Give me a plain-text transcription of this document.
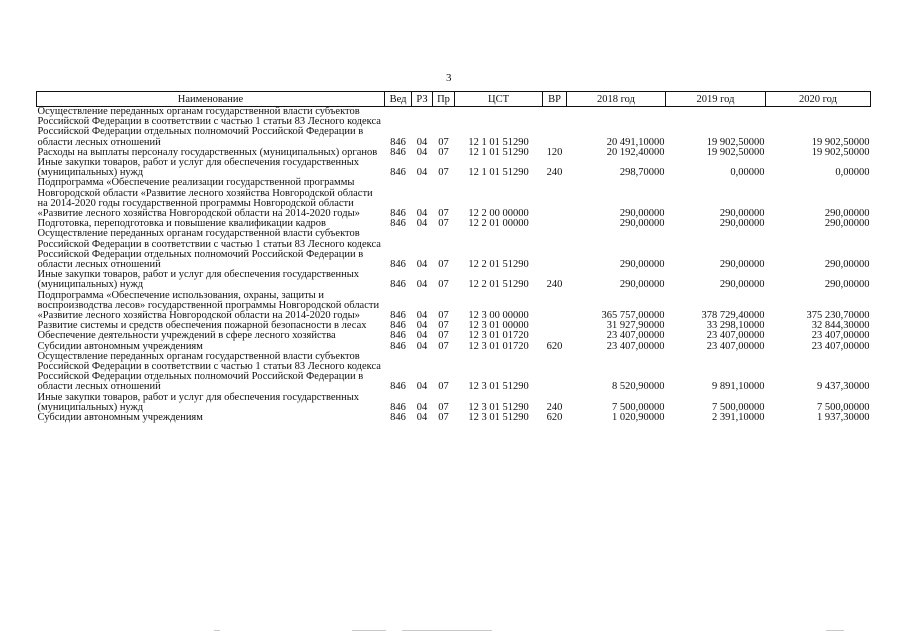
3
Наименование	Вед	РЗ	Пр	ЦСТ	ВР	2018 год	2019 год	2020 год
Осуществление переданных органам государственной власти субъектов Российской Федерации в соответствии с частью 1 статьи 83 Лесного кодекса Российской Федерации отдельных полномочий Российской Федерации в области лесных отношений	846	04	07	12 1 01 51290		20 491,10000	19 902,50000	19 902,50000
Расходы на выплаты персоналу государственных (муниципальных) органов	846	04	07	12 1 01 51290	120	20 192,40000	19 902,50000	19 902,50000
Иные закупки товаров, работ и услуг для обеспечения государственных (муниципальных) нужд	846	04	07	12 1 01 51290	240	298,70000	0,00000	0,00000
Подпрограмма «Обеспечение реализации государственной программы Новгородской области «Развитие лесного хозяйства Новгородской области на 2014-2020 годы государственной программы Новгородской области «Развитие лесного хозяйства Новгородской области на 2014-2020 годы»	846	04	07	12 2 00 00000		290,00000	290,00000	290,00000
Подготовка, переподготовка и повышение квалификации кадров	846	04	07	12 2 01 00000		290,00000	290,00000	290,00000
Осуществление переданных органам государственной власти субъектов Российской Федерации в соответствии с частью 1 статьи 83 Лесного кодекса Российской Федерации отдельных полномочий Российской Федерации в области лесных отношений	846	04	07	12 2 01 51290		290,00000	290,00000	290,00000
Иные закупки товаров, работ и услуг для обеспечения государственных (муниципальных) нужд	846	04	07	12 2 01 51290	240	290,00000	290,00000	290,00000
Подпрограмма «Обеспечение использования, охраны, защиты и воспроизводства лесов» государственной программы Новгородской области «Развитие лесного хозяйства Новгородской области на 2014-2020 годы»	846	04	07	12 3 00 00000		365 757,00000	378 729,40000	375 230,70000
Развитие системы и средств обеспечения пожарной безопасности в лесах	846	04	07	12 3 01 00000		31 927,90000	33 298,10000	32 844,30000
Обеспечение деятельности учреждений в сфере лесного хозяйства	846	04	07	12 3 01 01720		23 407,00000	23 407,00000	23 407,00000
Субсидии автономным учреждениям	846	04	07	12 3 01 01720	620	23 407,00000	23 407,00000	23 407,00000
Осуществление переданных органам государственной власти субъектов Российской Федерации в соответствии с частью 1 статьи 83 Лесного кодекса Российской Федерации отдельных полномочий Российской Федерации в области лесных отношений	846	04	07	12 3 01 51290		8 520,90000	9 891,10000	9 437,30000
Иные закупки товаров, работ и услуг для обеспечения государственных (муниципальных) нужд	846	04	07	12 3 01 51290	240	7 500,00000	7 500,00000	7 500,00000
Субсидии автономным учреждениям	846	04	07	12 3 01 51290	620	1 020,90000	2 391,10000	1 937,30000
